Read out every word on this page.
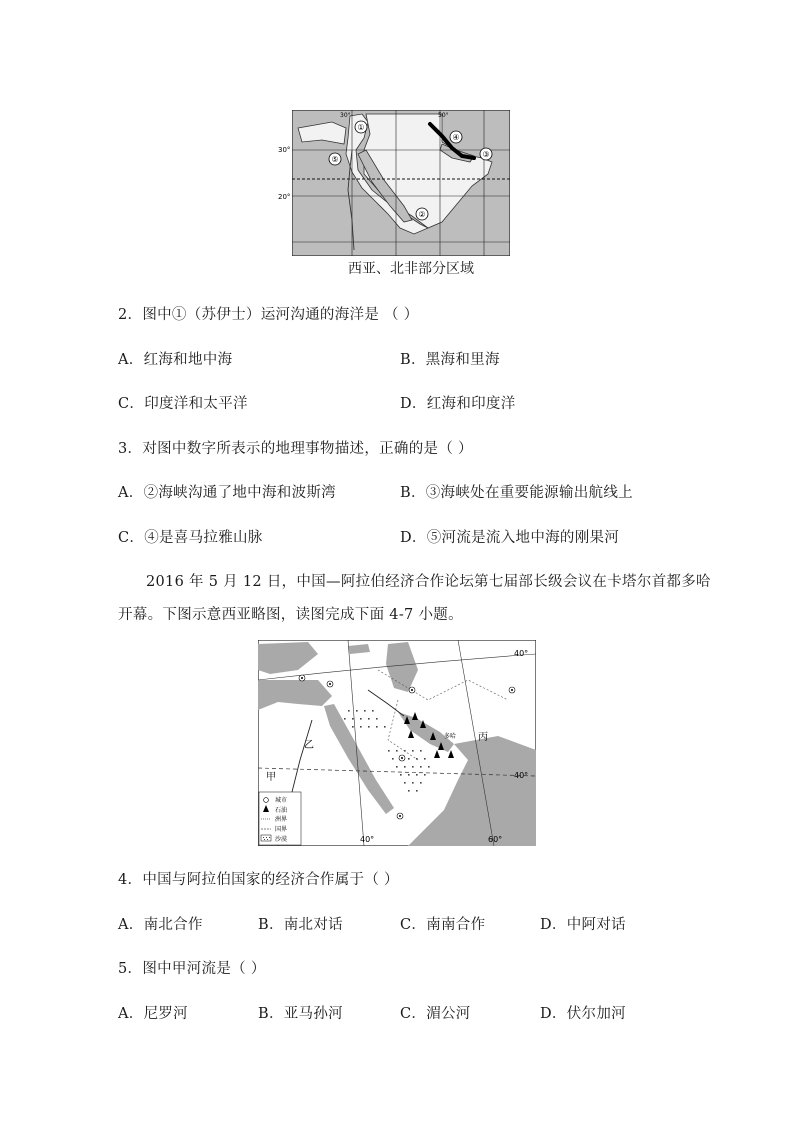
①
②
③
④
⑤
30°	50°
30°
20°
西亚、北非部分区域
2．图中①（苏伊士）运河沟通的海洋是 （ ）
A．红海和地中海	B．黑海和里海
C．印度洋和太平洋	D．红海和印度洋
3．对图中数字所表示的地理事物描述，正确的是（ ）
A．②海峡沟通了地中海和波斯湾	B．③海峡处在重要能源输出航线上
C．④是喜马拉雅山脉	D．⑤河流是流入地中海的刚果河
2016 年 5 月 12 日，中国—阿拉伯经济合作论坛第七届部长级会议在卡塔尔首都多哈
开幕。下图示意西亚略图，读图完成下面 4-7 小题。
甲
乙
丙
多哈
40°
40°
40°	60°
城市
石油
洲界
国界
沙漠
4．中国与阿拉伯国家的经济合作属于（ ）
A．南北合作	B．南北对话	C．南南合作	D．中阿对话
5．图中甲河流是（ ）
A．尼罗河	B．亚马孙河	C．湄公河	D．伏尔加河
